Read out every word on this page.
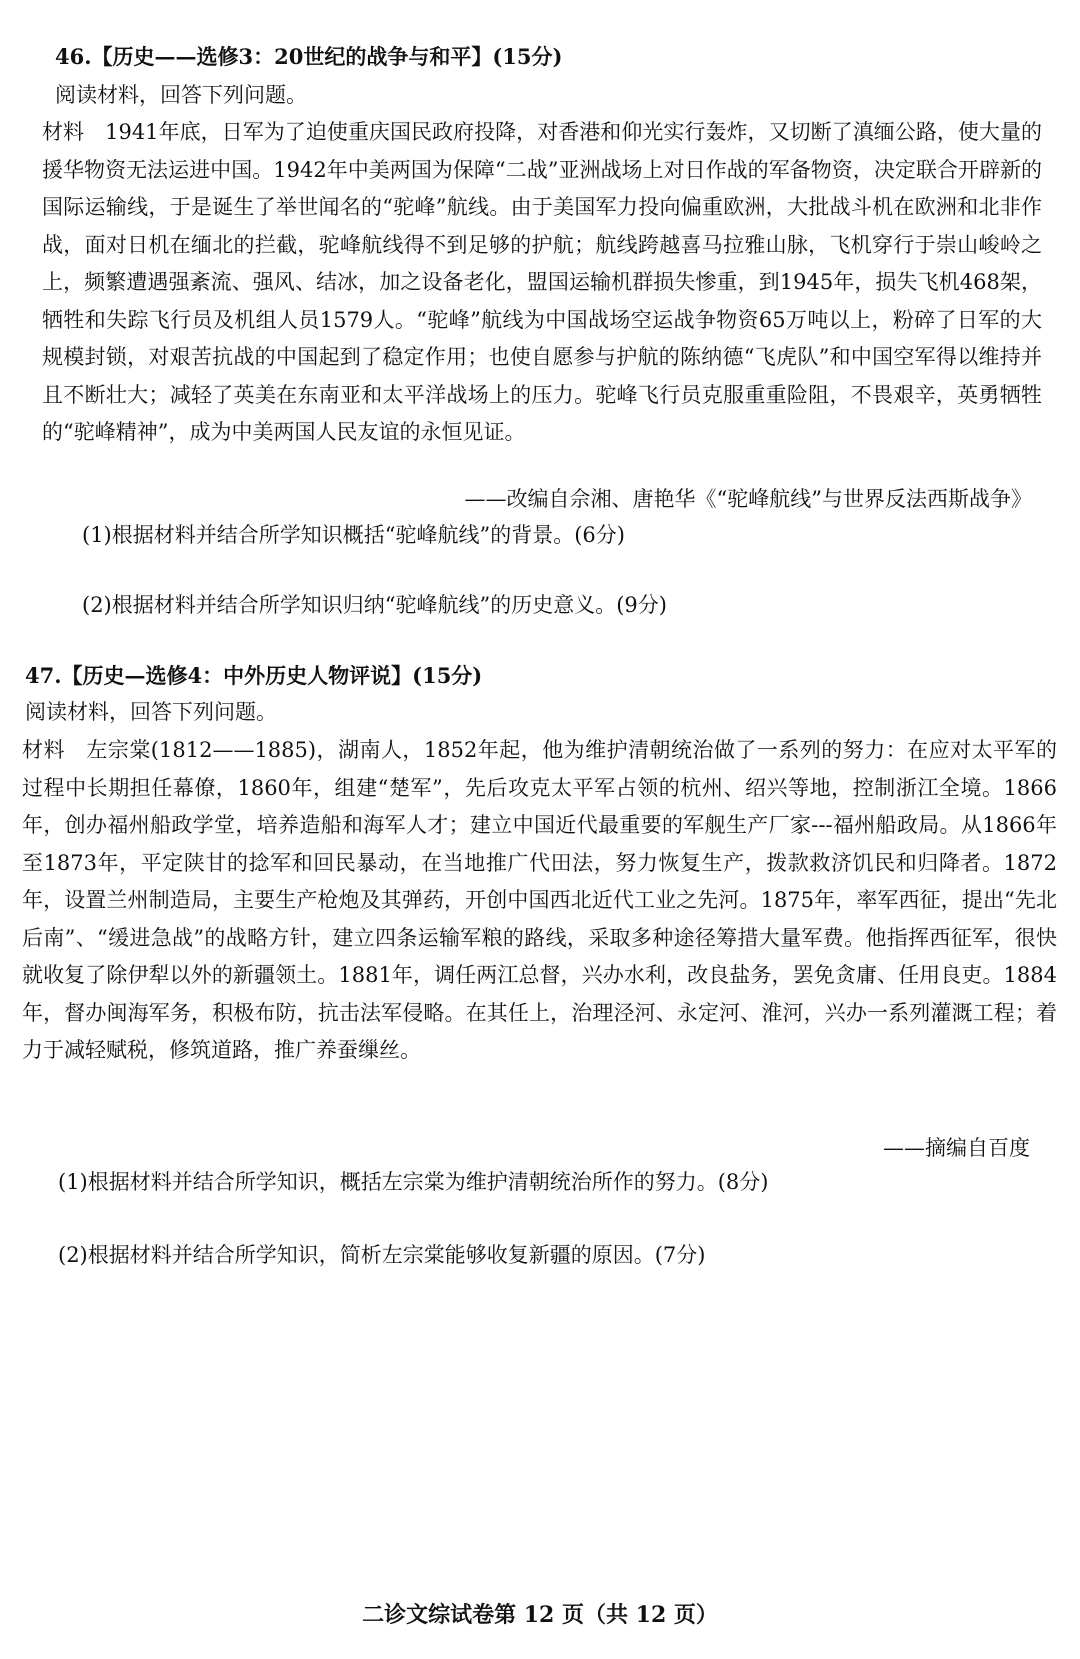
46.【历史——选修3：20世纪的战争与和平】(15分)
阅读材料，回答下列问题。
材料　1941年底，日军为了迫使重庆国民政府投降，对香港和仰光实行轰炸，又切断了滇缅公路，使大量的援华物资无法运进中国。1942年中美两国为保障“二战”亚洲战场上对日作战的军备物资，决定联合开辟新的国际运输线，于是诞生了举世闻名的“驼峰”航线。由于美国军力投向偏重欧洲，大批战斗机在欧洲和北非作战，面对日机在缅北的拦截，驼峰航线得不到足够的护航；航线跨越喜马拉雅山脉，飞机穿行于崇山峻岭之上，频繁遭遇强紊流、强风、结冰，加之设备老化，盟国运输机群损失惨重，到1945年，损失飞机468架，牺牲和失踪飞行员及机组人员1579人。“驼峰”航线为中国战场空运战争物资65万吨以上，粉碎了日军的大规模封锁，对艰苦抗战的中国起到了稳定作用；也使自愿参与护航的陈纳德“飞虎队”和中国空军得以维持并且不断壮大；减轻了英美在东南亚和太平洋战场上的压力。驼峰飞行员克服重重险阻，不畏艰辛，英勇牺牲的“驼峰精神”，成为中美两国人民友谊的永恒见证。
——改编自佘湘、唐艳华《“驼峰航线”与世界反法西斯战争》
(1)根据材料并结合所学知识概括“驼峰航线”的背景。(6分)
(2)根据材料并结合所学知识归纳“驼峰航线”的历史意义。(9分)
47.【历史—选修4：中外历史人物评说】(15分)
阅读材料，回答下列问题。
材料　左宗棠(1812——1885)，湖南人，1852年起，他为维护清朝统治做了一系列的努力：在应对太平军的过程中长期担任幕僚，1860年，组建“楚军”，先后攻克太平军占领的杭州、绍兴等地，控制浙江全境。1866年，创办福州船政学堂，培养造船和海军人才；建立中国近代最重要的军舰生产厂家---福州船政局。从1866年至1873年，平定陕甘的捻军和回民暴动，在当地推广代田法，努力恢复生产，拨款救济饥民和归降者。1872年，设置兰州制造局，主要生产枪炮及其弹药，开创中国西北近代工业之先河。1875年，率军西征，提出“先北后南”、“缓进急战”的战略方针，建立四条运输军粮的路线，采取多种途径筹措大量军费。他指挥西征军，很快就收复了除伊犁以外的新疆领土。1881年，调任两江总督，兴办水利，改良盐务，罢免贪庸、任用良吏。1884年，督办闽海军务，积极布防，抗击法军侵略。在其任上，治理泾河、永定河、淮河，兴办一系列灌溉工程；着力于减轻赋税，修筑道路，推广养蚕缫丝。
——摘编自百度
(1)根据材料并结合所学知识，概括左宗棠为维护清朝统治所作的努力。(8分)
(2)根据材料并结合所学知识，简析左宗棠能够收复新疆的原因。(7分)
二诊文综试卷第 12 页（共 12 页）
